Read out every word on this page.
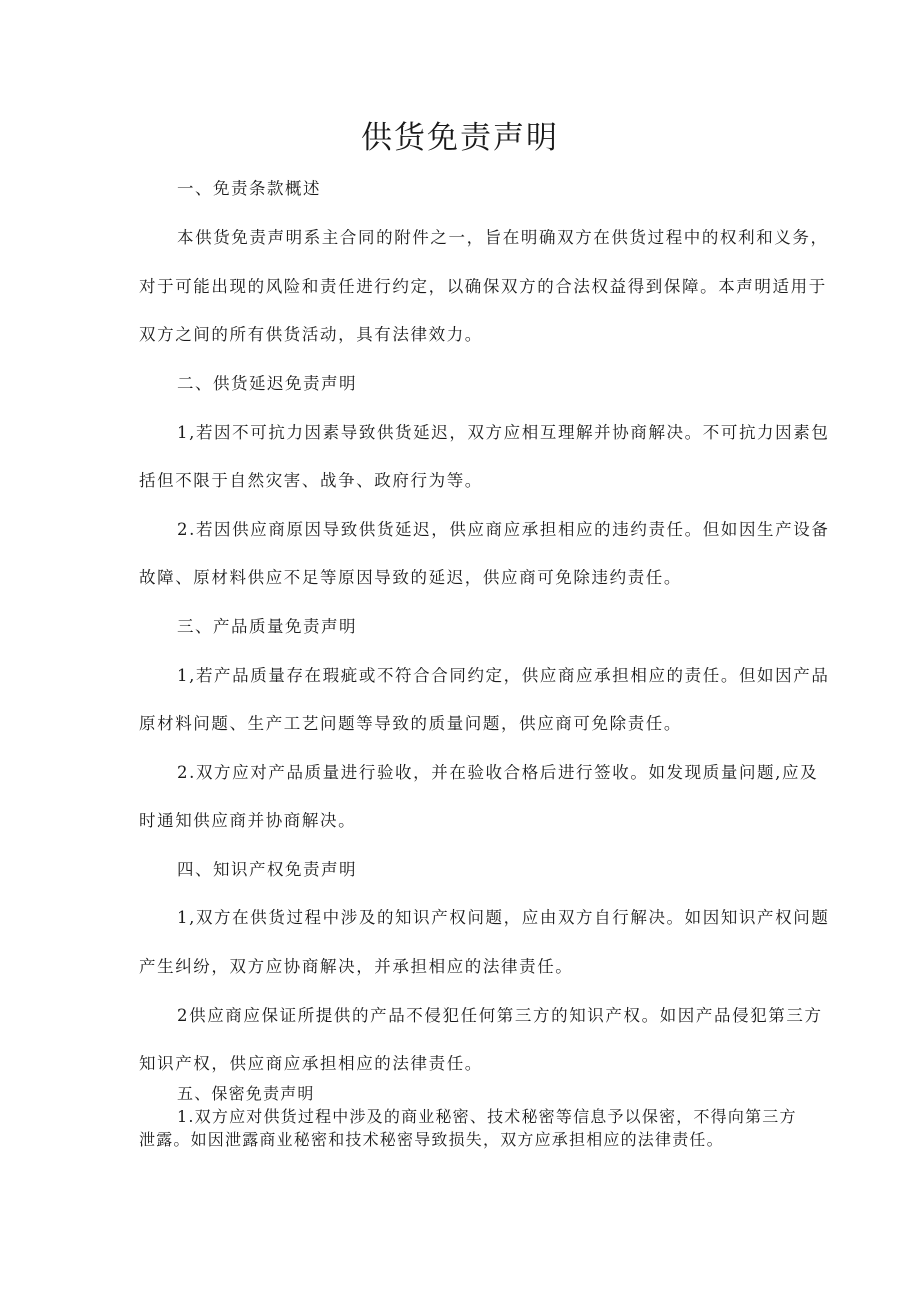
供货免责声明

一、免责条款概述

本供货免责声明系主合同的附件之一，旨在明确双方在供货过程中的权利和义务，

对于可能出现的风险和责任进行约定，以确保双方的合法权益得到保障。本声明适用于

双方之间的所有供货活动，具有法律效力。

二、供货延迟免责声明

1,若因不可抗力因素导致供货延迟，双方应相互理解并协商解决。不可抗力因素包

括但不限于自然灾害、战争、政府行为等。

2.若因供应商原因导致供货延迟，供应商应承担相应的违约责任。但如因生产设备

故障、原材料供应不足等原因导致的延迟，供应商可免除违约责任。

三、产品质量免责声明

1,若产品质量存在瑕疵或不符合合同约定，供应商应承担相应的责任。但如因产品

原材料问题、生产工艺问题等导致的质量问题，供应商可免除责任。

2.双方应对产品质量进行验收，并在验收合格后进行签收。如发现质量问题,应及

时通知供应商并协商解决。

四、知识产权免责声明

1,双方在供货过程中涉及的知识产权问题，应由双方自行解决。如因知识产权问题

产生纠纷，双方应协商解决，并承担相应的法律责任。

2供应商应保证所提供的产品不侵犯任何第三方的知识产权。如因产品侵犯第三方

知识产权，供应商应承担相应的法律责任。

五、保密免责声明

1.双方应对供货过程中涉及的商业秘密、技术秘密等信息予以保密，不得向第三方

泄露。如因泄露商业秘密和技术秘密导致损失，双方应承担相应的法律责任。
